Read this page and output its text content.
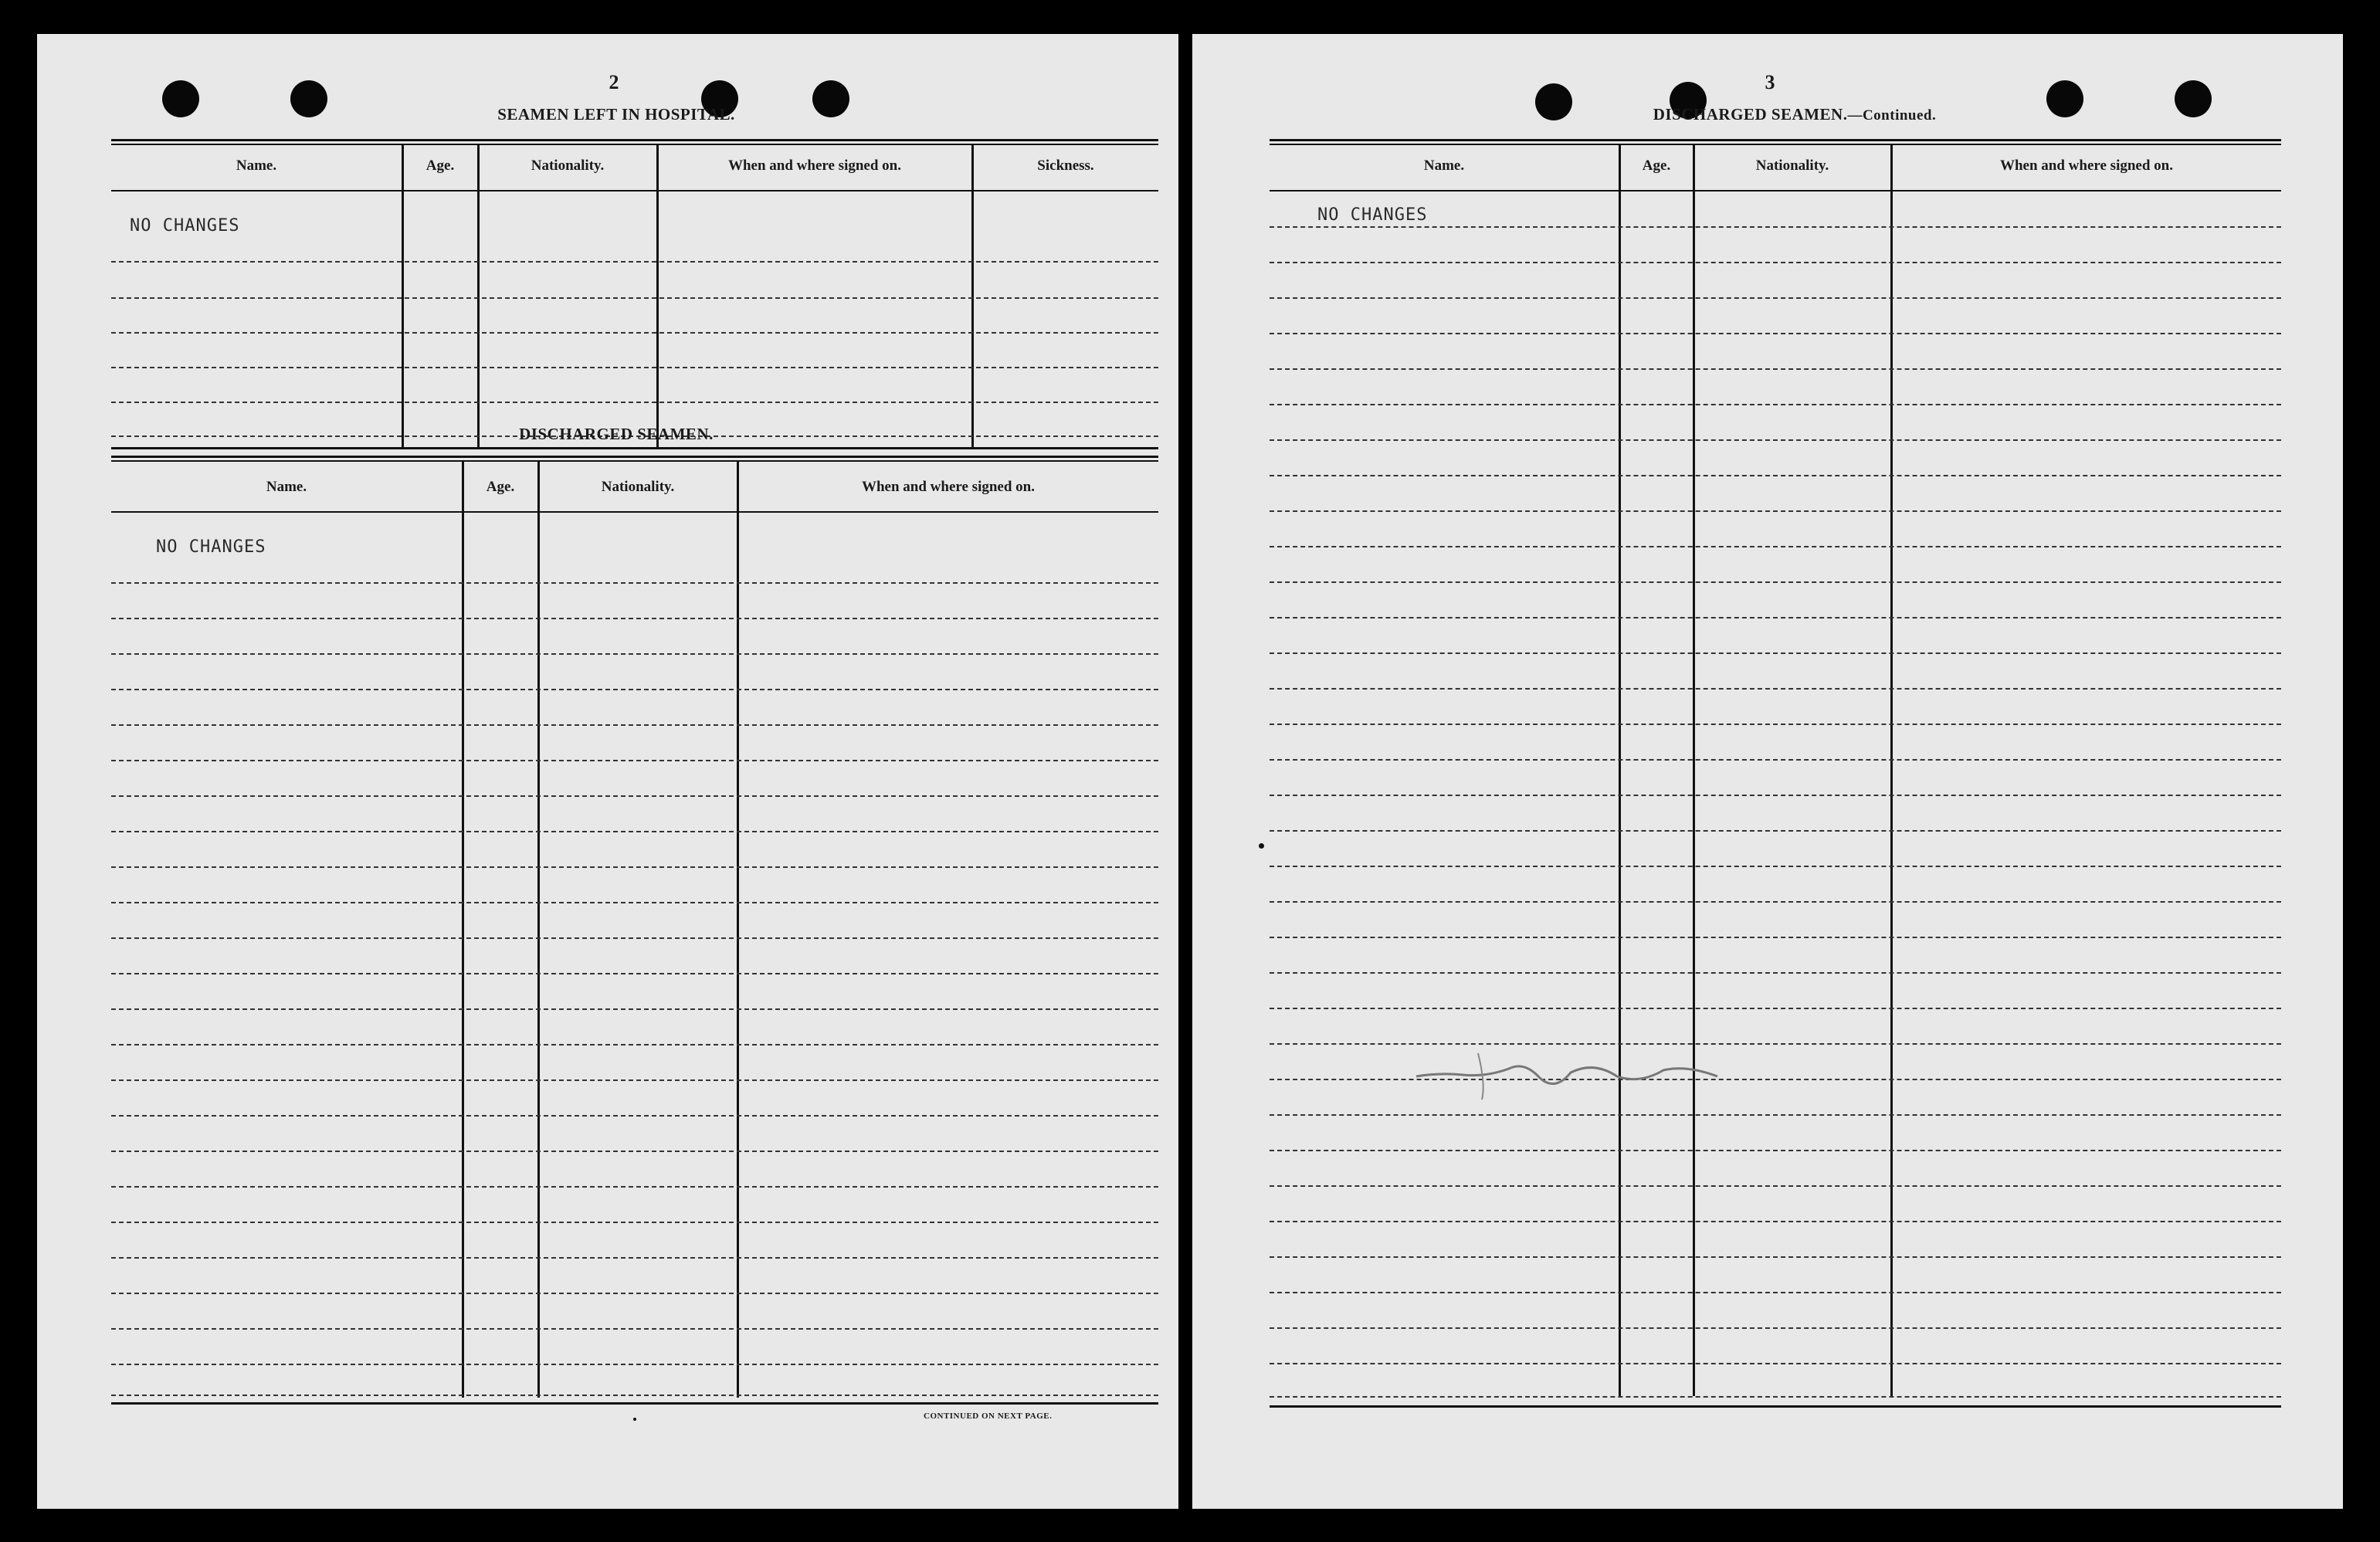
2
SEAMEN LEFT IN HOSPITAL.
Name.	Age.	Nationality.	When and where signed on.	Sickness.
NO CHANGES
DISCHARGED SEAMEN.
Name.	Age.	Nationality.	When and where signed on.
NO CHANGES
CONTINUED ON NEXT PAGE.
3
DISCHARGED SEAMEN.—Continued.
Name.	Age.	Nationality.	When and where signed on.
NO CHANGES
